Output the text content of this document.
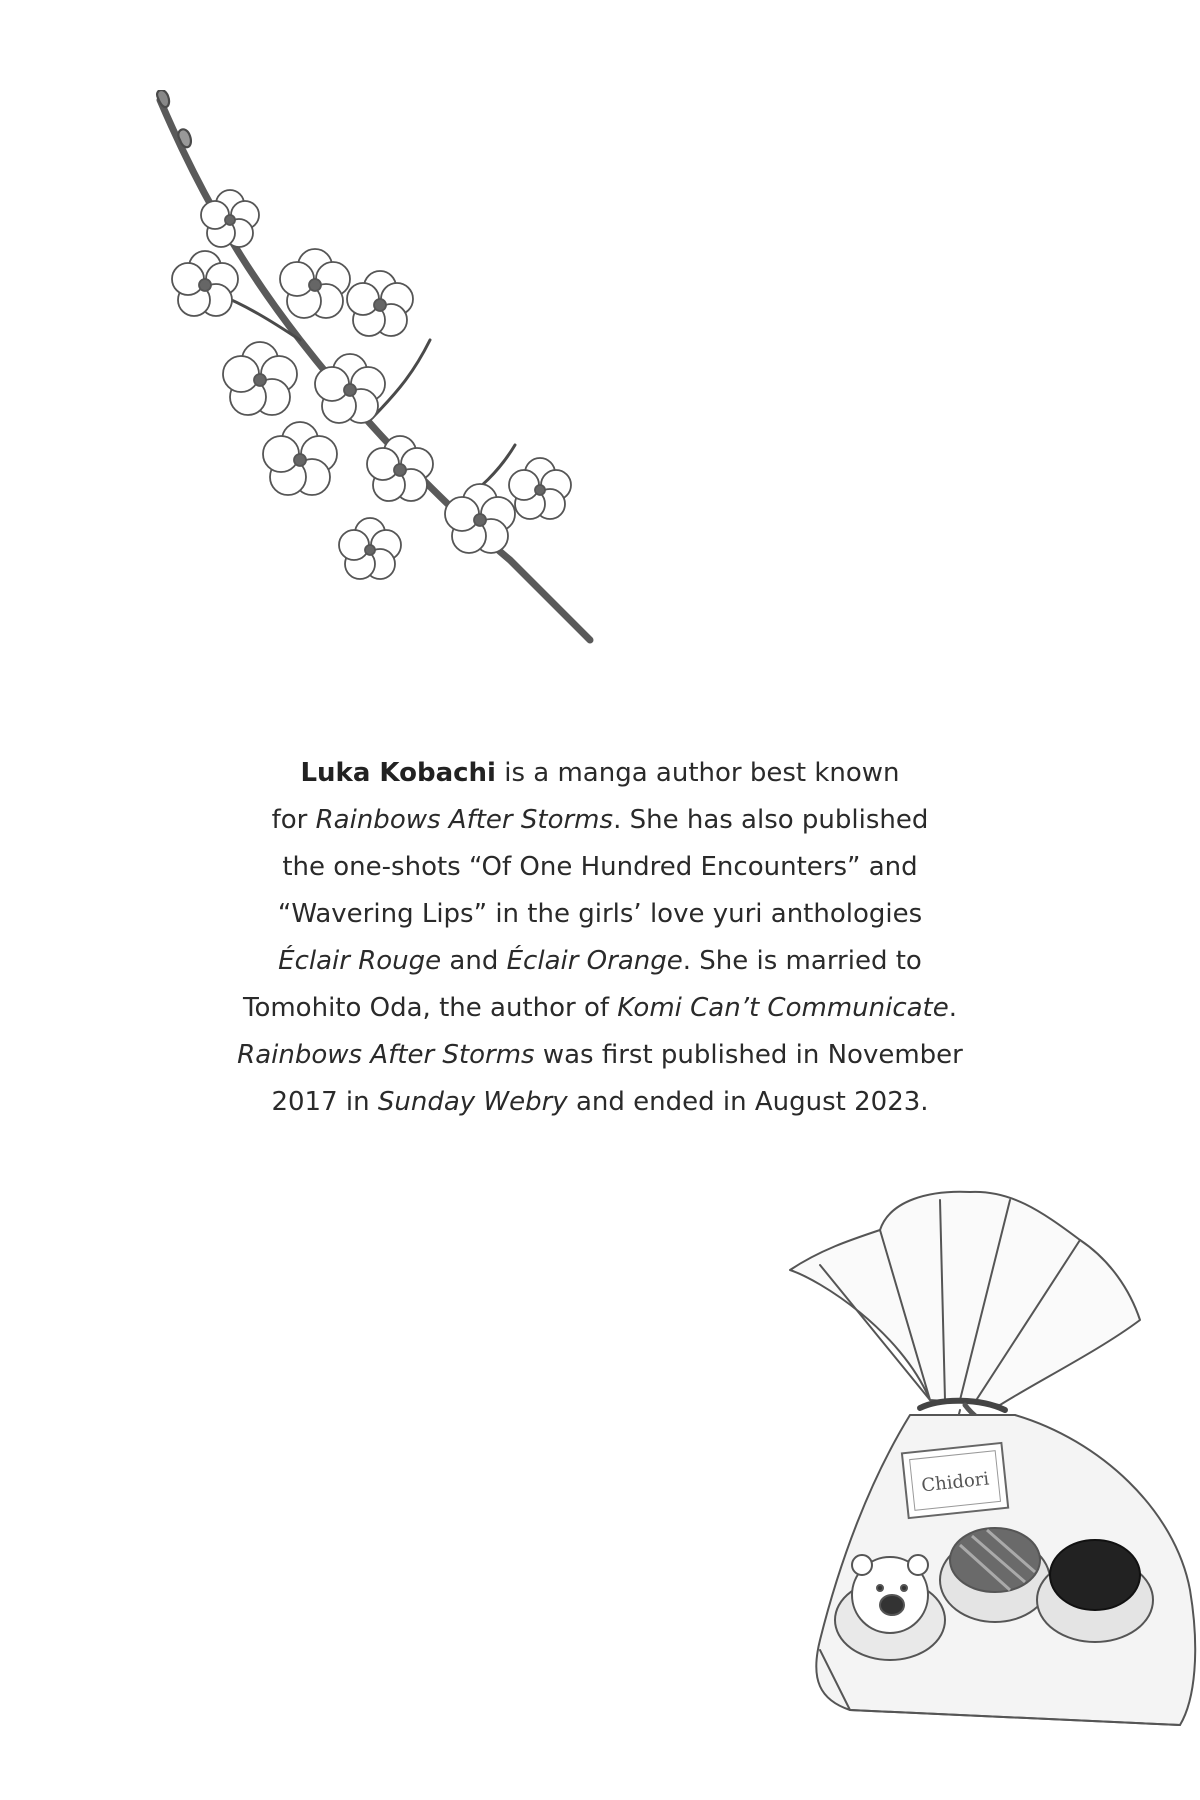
Luka Kobachi is a manga author best known
for Rainbows After Storms. She has also published
the one-shots “Of One Hundred Encounters” and
“Wavering Lips” in the girls’ love yuri anthologies
Éclair Rouge and Éclair Orange. She is married to
Tomohito Oda, the author of Komi Can’t Communicate.
Rainbows After Storms was first published in November
2017 in Sunday Webry and ended in August 2023.
Chidori
